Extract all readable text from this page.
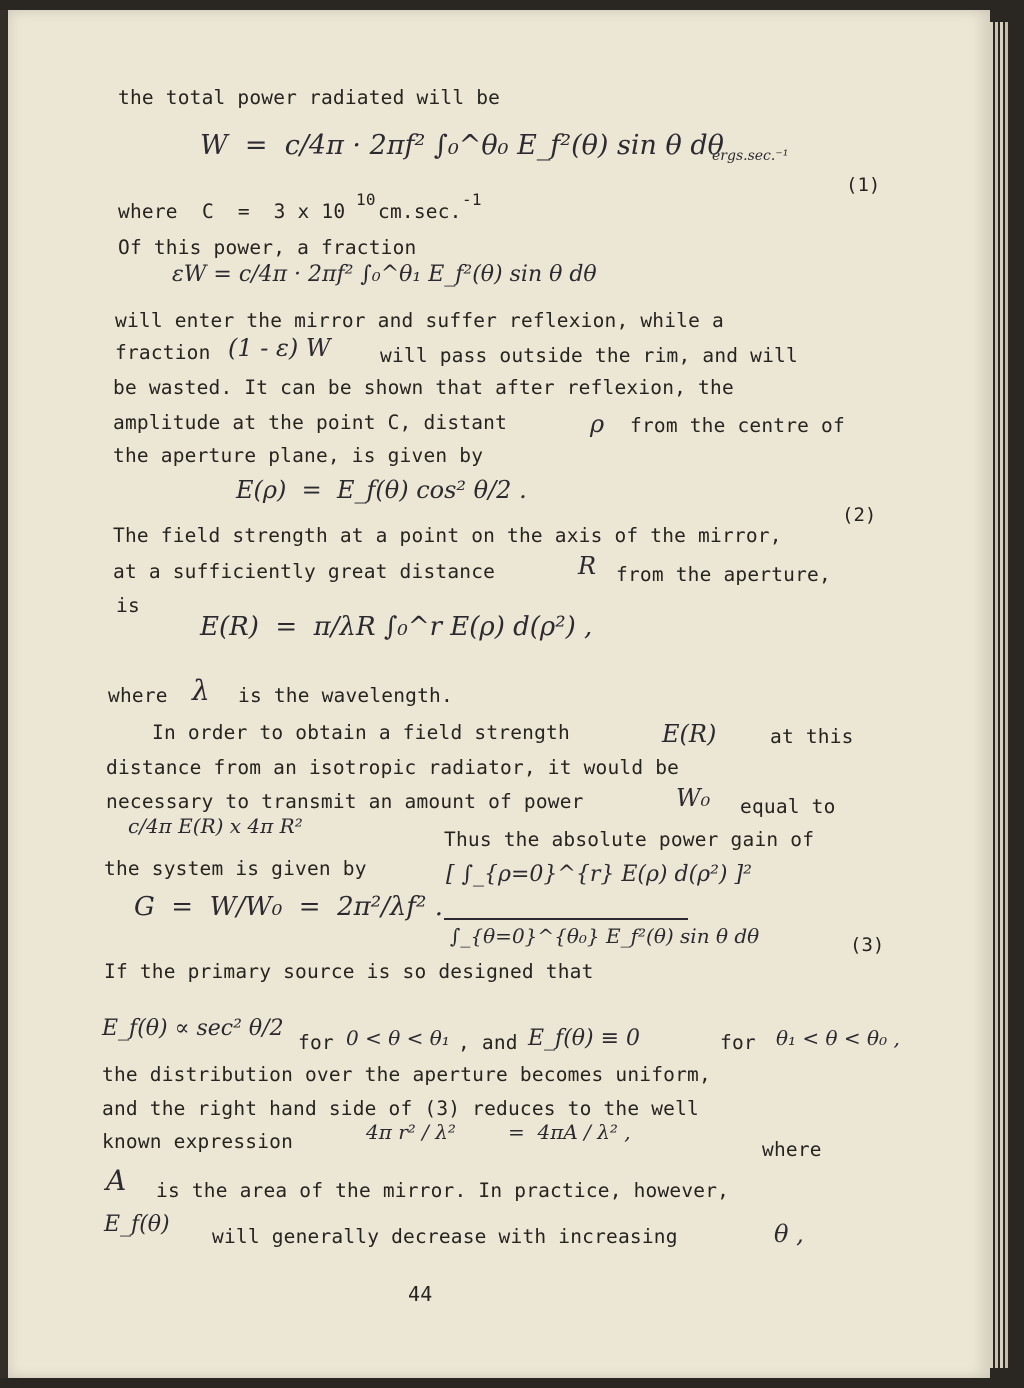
the total power radiated will be
W  =  c/4π · 2πf² ∫₀^θ₀ E_f²(θ) sin θ dθ
ergs.sec.⁻¹
(1)
where C  =  3 x 10
10
cm.sec.
-1
Of this power, a fraction
εW = c/4π · 2πf² ∫₀^θ₁ E_f²(θ) sin θ dθ
will enter the mirror and suffer reflexion, while a
fraction (1 - ε) W	will pass outside the rim, and will
be wasted. It can be shown that after reflexion, the
amplitude at the point C, distant	ρ from the centre of
the aperture plane, is given by
E(ρ)  =  E_f(θ) cos² θ/2 .
(2)
The field strength at a point on the axis of the mirror,
at a sufficiently great distance	R from the aperture,
is
E(R)  =  π/λR ∫₀^r E(ρ) d(ρ²) ,
where λ is the wavelength.
In order to obtain a field strength	E(R)	at this
distance from an isotropic radiator, it would be
necessary to transmit an amount of power	W₀ equal to
c/4π E(R) x 4π R²
Thus the absolute power gain of
the system is given by	[ ∫_{ρ=0}^{r} E(ρ) d(ρ²) ]²
G  =  W/W₀  =  2π²/λf² .
∫_{θ=0}^{θ₀} E_f²(θ) sin θ dθ	(3)
If the primary source is so designed that
E_f(θ) ∝ sec² θ/2
for 0 < θ < θ₁ , and E_f(θ) ≡ 0	for θ₁ < θ < θ₀ ,
the distribution over the aperture becomes uniform,
and the right hand side of (3) reduces to the well
known expression	4π r² / λ²	=  4πA / λ² ,
where
A is the area of the mirror. In practice, however,
E_f(θ) will generally decrease with increasing	θ ,
44
